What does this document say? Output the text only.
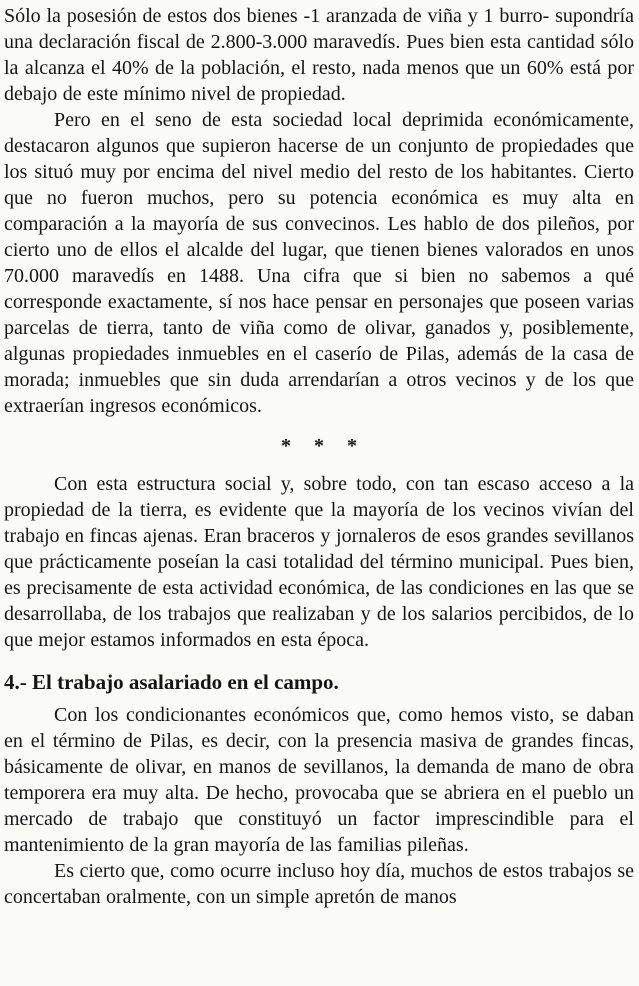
Sólo la posesión de estos dos bienes -1 aranzada de viña y 1 burro- supondría una declaración fiscal de 2.800-3.000 maravedís. Pues bien esta cantidad sólo la alcanza el 40% de la población, el resto, nada menos que un 60% está por debajo de este mínimo nivel de propiedad.

Pero en el seno de esta sociedad local deprimida económicamente, destacaron algunos que supieron hacerse de un conjunto de propiedades que los situó muy por encima del nivel medio del resto de los habitantes. Cierto que no fueron muchos, pero su potencia económica es muy alta en comparación a la mayoría de sus convecinos. Les hablo de dos pileños, por cierto uno de ellos el alcalde del lugar, que tienen bienes valorados en unos 70.000 maravedís en 1488. Una cifra que si bien no sabemos a qué corresponde exactamente, sí nos hace pensar en personajes que poseen varias parcelas de tierra, tanto de viña como de olivar, ganados y, posiblemente, algunas propiedades inmuebles en el caserío de Pilas, además de la casa de morada; inmuebles que sin duda arrendarían a otros vecinos y de los que extraerían ingresos económicos.

* * *

Con esta estructura social y, sobre todo, con tan escaso acceso a la propiedad de la tierra, es evidente que la mayoría de los vecinos vivían del trabajo en fincas ajenas. Eran braceros y jornaleros de esos grandes sevillanos que prácticamente poseían la casi totalidad del término municipal. Pues bien, es precisamente de esta actividad económica, de las condiciones en las que se desarrollaba, de los trabajos que realizaban y de los salarios percibidos, de lo que mejor estamos informados en esta época.

4.- El trabajo asalariado en el campo.

Con los condicionantes económicos que, como hemos visto, se daban en el término de Pilas, es decir, con la presencia masiva de grandes fincas, básicamente de olivar, en manos de sevillanos, la demanda de mano de obra temporera era muy alta. De hecho, provocaba que se abriera en el pueblo un mercado de trabajo que constituyó un factor imprescindible para el mantenimiento de la gran mayoría de las familias pileñas.

Es cierto que, como ocurre incluso hoy día, muchos de estos trabajos se concertaban oralmente, con un simple apretón de manos
